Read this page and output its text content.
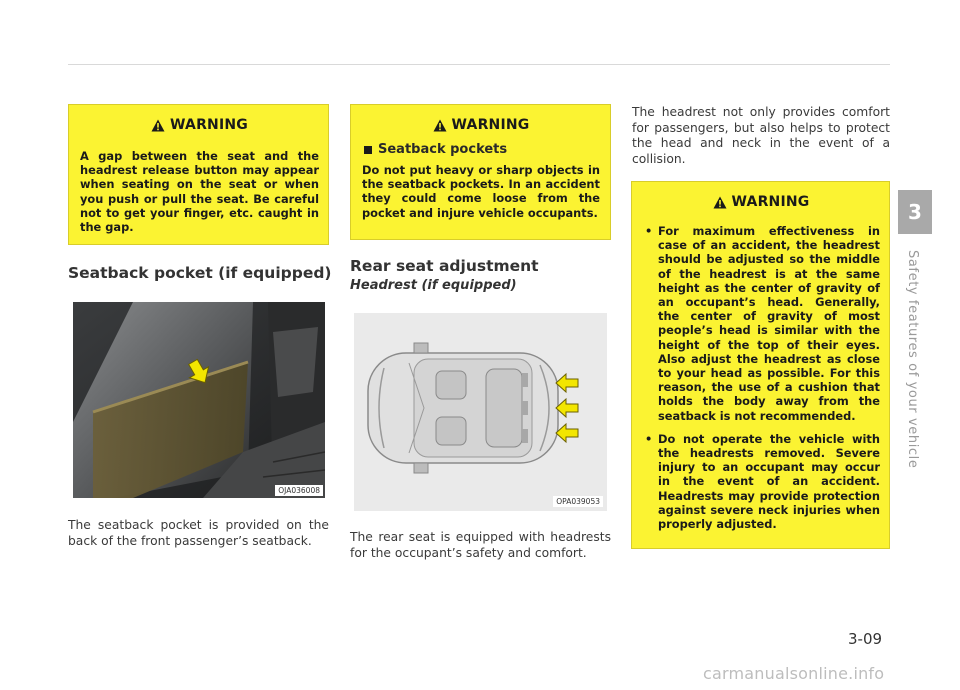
WARNING

A gap between the seat and the headrest release button may appear when seating on the seat or when you push or pull the seat. Be careful not to get your finger, etc. caught in the gap.

Seatback pocket (if equipped)
OJA036008
The seatback pocket is provided on the back of the front passenger’s seatback.
WARNING
Seatback pockets

Do not put heavy or sharp objects in the seatback pockets. In an accident they could come loose from the pocket and injure vehicle occupants.

Rear seat adjustment
Headrest (if equipped)
OPA039053
The rear seat is equipped with headrests for the occupant’s safety and comfort.
The headrest not only provides comfort for passengers, but also helps to protect the head and neck in the event of a collision.
WARNING
• For maximum effectiveness in case of an accident, the headrest should be adjusted so the middle of the headrest is at the same height as the center of gravity of an occupant’s head. Generally, the center of gravity of most people’s head is similar with the height of the top of their eyes. Also adjust the headrest as close to your head as possible. For this reason, the use of a cushion that holds the body away from the seatback is not recommended.
• Do not operate the vehicle with the headrests removed. Severe injury to an occupant may occur in the event of an accident. Headrests may provide protection against severe neck injuries when properly adjusted.
3
Safety features of your vehicle
3-09
carmanualsonline.info
